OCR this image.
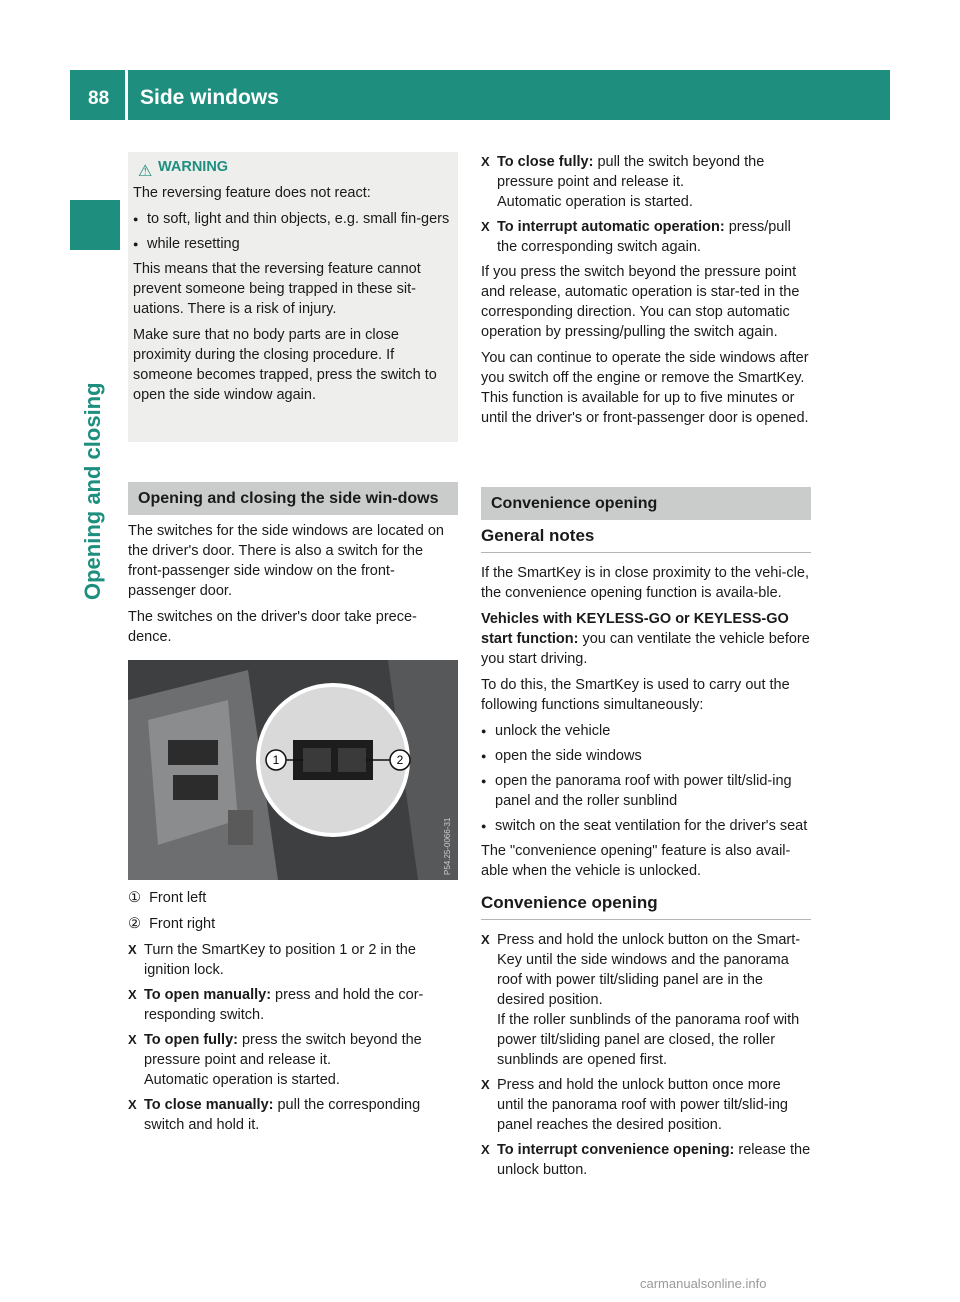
88	Side windows
Opening and closing
⚠ WARNING

The reversing feature does not react:

● to soft, light and thin objects, e.g. small fin-gers
● while resetting

This means that the reversing feature cannot prevent someone being trapped in these sit-uations. There is a risk of injury.

Make sure that no body parts are in close proximity during the closing procedure. If someone becomes trapped, press the switch to open the side window again.

Opening and closing the side win-dows

The switches for the side windows are located on the driver's door. There is also a switch for the front-passenger side window on the front-passenger door.

The switches on the driver's door take prece-dence.

1	2
P54.25-0066-31

①  Front left

②  Front right

X Turn the SmartKey to position 1 or 2 in the ignition lock.
X To open manually: press and hold the cor-responding switch.
X To open fully: press the switch beyond the pressure point and release it.
Automatic operation is started.
X To close manually: pull the corresponding switch and hold it.
X To close fully: pull the switch beyond the pressure point and release it.
Automatic operation is started.
X To interrupt automatic operation: press/pull the corresponding switch again.

If you press the switch beyond the pressure point and release, automatic operation is star-ted in the corresponding direction. You can stop automatic operation by pressing/pulling the switch again.

You can continue to operate the side windows after you switch off the engine or remove the SmartKey. This function is available for up to five minutes or until the driver's or front-passenger door is opened.

Convenience opening
General notes

If the SmartKey is in close proximity to the vehi-cle, the convenience opening function is availa-ble.

Vehicles with KEYLESS-GO or KEYLESS-GO start function: you can ventilate the vehicle before you start driving.

To do this, the SmartKey is used to carry out the following functions simultaneously:

● unlock the vehicle
● open the side windows
● open the panorama roof with power tilt/slid-ing panel and the roller sunblind
● switch on the seat ventilation for the driver's seat

The "convenience opening" feature is also avail-able when the vehicle is unlocked.

Convenience opening
X Press and hold the unlock button on the Smart-Key until the side windows and the panorama roof with power tilt/sliding panel are in the desired position.
If the roller sunblinds of the panorama roof with power tilt/sliding panel are closed, the roller sunblinds are opened first.
X Press and hold the unlock button once more until the panorama roof with power tilt/slid-ing panel reaches the desired position.
X To interrupt convenience opening: release the unlock button.
carmanualsonline.info
